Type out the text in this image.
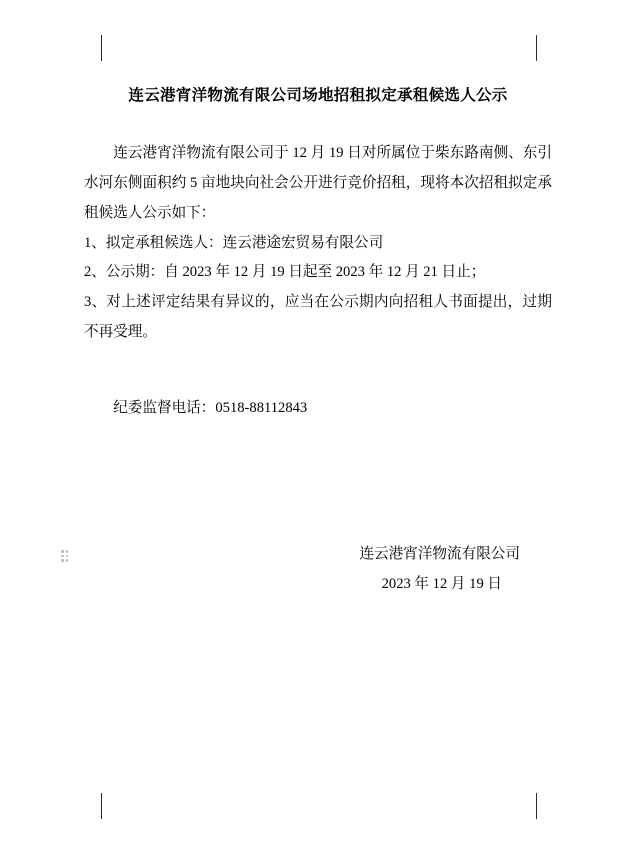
连云港宵洋物流有限公司场地招租拟定承租候选人公示

连云港宵洋物流有限公司于 12 月 19 日对所属位于柴东路南侧、东引水河东侧面积约 5 亩地块向社会公开进行竞价招租，现将本次招租拟定承租候选人公示如下：

1、拟定承租候选人：连云港途宏贸易有限公司

2、公示期：自 2023 年 12 月 19 日起至 2023 年 12 月 21 日止；

3、对上述评定结果有异议的，应当在公示期内向招租人书面提出，过期不再受理。

纪委监督电话：0518-88112843
连云港宵洋物流有限公司
2023 年 12 月 19 日
